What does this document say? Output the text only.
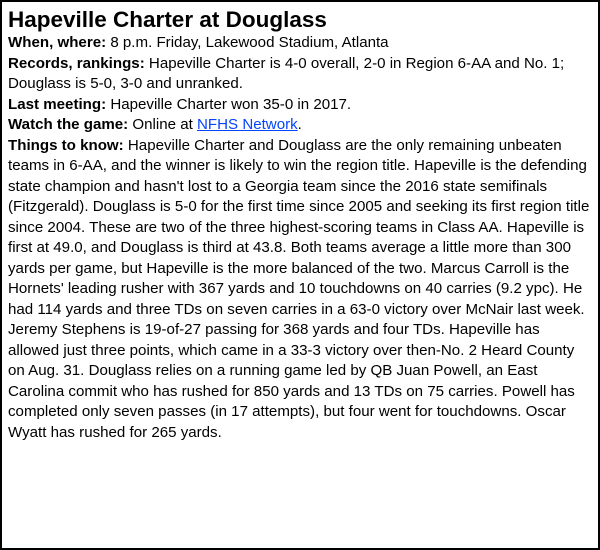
Hapeville Charter at Douglass

When, where: 8 p.m. Friday, Lakewood Stadium, Atlanta

Records, rankings: Hapeville Charter is 4-0 overall, 2-0 in Region 6-AA and No. 1; Douglass is 5-0, 3-0 and unranked.

Last meeting: Hapeville Charter won 35-0 in 2017.

Watch the game: Online at NFHS Network.

Things to know: Hapeville Charter and Douglass are the only remaining unbeaten teams in 6-AA, and the winner is likely to win the region title. Hapeville is the defending state champion and hasn't lost to a Georgia team since the 2016 state semifinals (Fitzgerald). Douglass is 5-0 for the first time since 2005 and seeking its first region title since 2004. These are two of the three highest-scoring teams in Class AA. Hapeville is first at 49.0, and Douglass is third at 43.8. Both teams average a little more than 300 yards per game, but Hapeville is the more balanced of the two. Marcus Carroll is the Hornets' leading rusher with 367 yards and 10 touchdowns on 40 carries (9.2 ypc). He had 114 yards and three TDs on seven carries in a 63-0 victory over McNair last week. Jeremy Stephens is 19-of-27 passing for 368 yards and four TDs. Hapeville has allowed just three points, which came in a 33-3 victory over then-No. 2 Heard County on Aug. 31. Douglass relies on a running game led by QB Juan Powell, an East Carolina commit who has rushed for 850 yards and 13 TDs on 75 carries. Powell has completed only seven passes (in 17 attempts), but four went for touchdowns. Oscar Wyatt has rushed for 265 yards.
